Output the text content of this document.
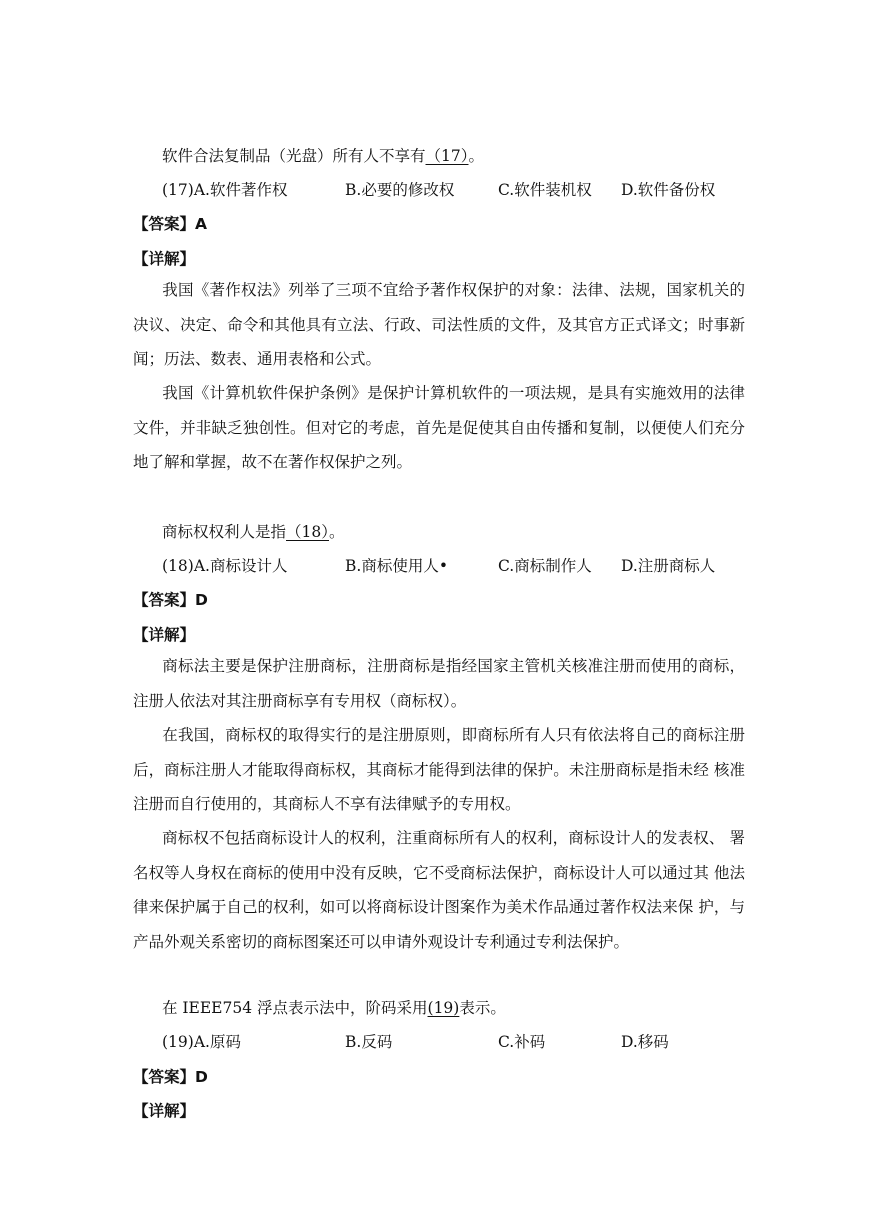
软件合法复制品（光盘）所有人不享有（17）。
(17)A.软件著作权	B.必要的修改权	C.软件装机权 D.软件备份权
【答案】A
【详解】
我国《著作权法》列举了三项不宜给予著作权保护的对象：法律、法规，国家机关的决议、决定、命令和其他具有立法、行政、司法性质的文件，及其官方正式译文；时事新闻；历法、数表、通用表格和公式。
我国《计算机软件保护条例》是保护计算机软件的一项法规，是具有实施效用的法律文件，并非缺乏独创性。但对它的考虑，首先是促使其自由传播和复制，以便使人们充分地了解和掌握，故不在著作权保护之列。
商标权权利人是指（18）。
(18)A.商标设计人	B.商标使用人•	C.商标制作人 D.注册商标人
【答案】D
【详解】
商标法主要是保护注册商标，注册商标是指经国家主管机关核准注册而使用的商标，注册人依法对其注册商标享有专用权（商标权）。
在我国，商标权的取得实行的是注册原则，即商标所有人只有依法将自己的商标注册后，商标注册人才能取得商标权，其商标才能得到法律的保护。未注册商标是指未经 核准注册而自行使用的，其商标人不享有法律赋予的专用权。
商标权不包括商标设计人的权利，注重商标所有人的权利，商标设计人的发表权、 署名权等人身权在商标的使用中没有反映，它不受商标法保护，商标设计人可以通过其 他法律来保护属于自己的权利，如可以将商标设计图案作为美术作品通过著作权法来保 护，与产品外观关系密切的商标图案还可以申请外观设计专利通过专利法保护。
在 IEEE754 浮点表示法中，阶码采用(19)表示。
(19)A.原码	B.反码	C.补码	D.移码
【答案】D
【详解】
